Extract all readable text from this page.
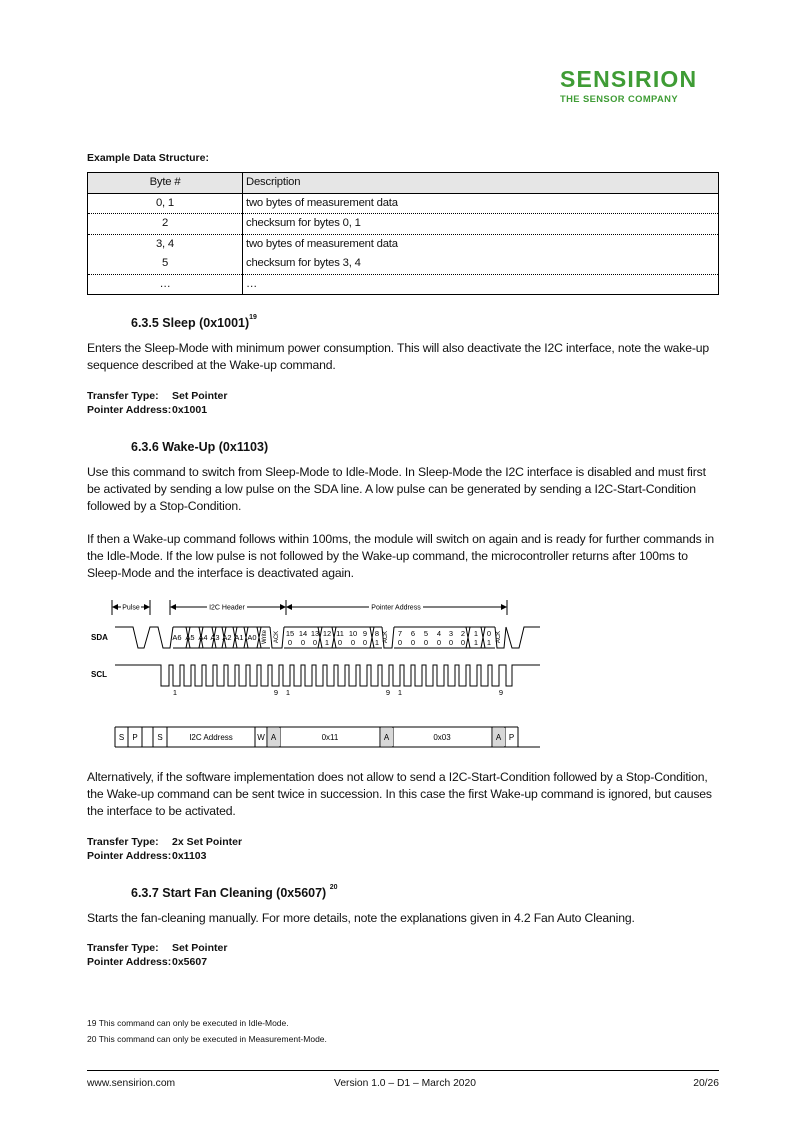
SENSIRION
THE SENSOR COMPANY
Example Data Structure:
Byte #	Description
0, 1	two bytes of measurement data
2	checksum for bytes 0, 1
3, 4	two bytes of measurement data
5	checksum for bytes 3, 4
…	…
6.3.5 Sleep $(0x1001)^{19}$
Enters the Sleep-Mode with minimum power consumption. This will also deactivate the I2C interface, note the wake-up sequence described at the Wake-up command.
Transfer Type: Set Pointer
Pointer Address:0x1001
6.3.6 Wake-Up (0x1103)
Use this command to switch from Sleep-Mode to Idle-Mode. In Sleep-Mode the I2C interface is disabled and must first be activated by sending a low pulse on the SDA line. A low pulse can be generated by sending a I2C-Start-Condition followed by a Stop-Condition.
If then a Wake-up command follows within 100ms, the module will switch on again and is ready for further commands in the Idle-Mode. If the low pulse is not followed by the Wake-up command, the microcontroller returns after 100ms to Sleep-Mode and the interface is deactivated again.
Pulse	I2C Header	Pointer Address
SDA
SCL
A6 A5 A4 A3 A2 A1 A0 Write ACK	ACK	ACK
15 14 13 12 11 10 9 8
0 0 0 1 0 0 0 1
7 6 5 4 3 2 1 0
0 0 0 0 0 0 1 1
1	9 1	9 1	9
S P S	I2C Address	W A	0x11	A	0x03	A P
Alternatively, if the software implementation does not allow to send a I2C-Start-Condition followed by a Stop-Condition, the Wake-up command can be sent twice in succession. In this case the first Wake-up command is ignored, but causes the interface to be activated.
Transfer Type: 2x Set Pointer
Pointer Address:0x1103
6.3.7 Start Fan Cleaning (0x5607) $^{20}$
Starts the fan-cleaning manually. For more details, note the explanations given in 4.2 Fan Auto Cleaning.
Transfer Type: Set Pointer
Pointer Address:0x5607
19 This command can only be executed in Idle-Mode.
20 This command can only be executed in Measurement-Mode.
www.sensirion.com	Version 1.0 – D1 – March 2020	20/26
